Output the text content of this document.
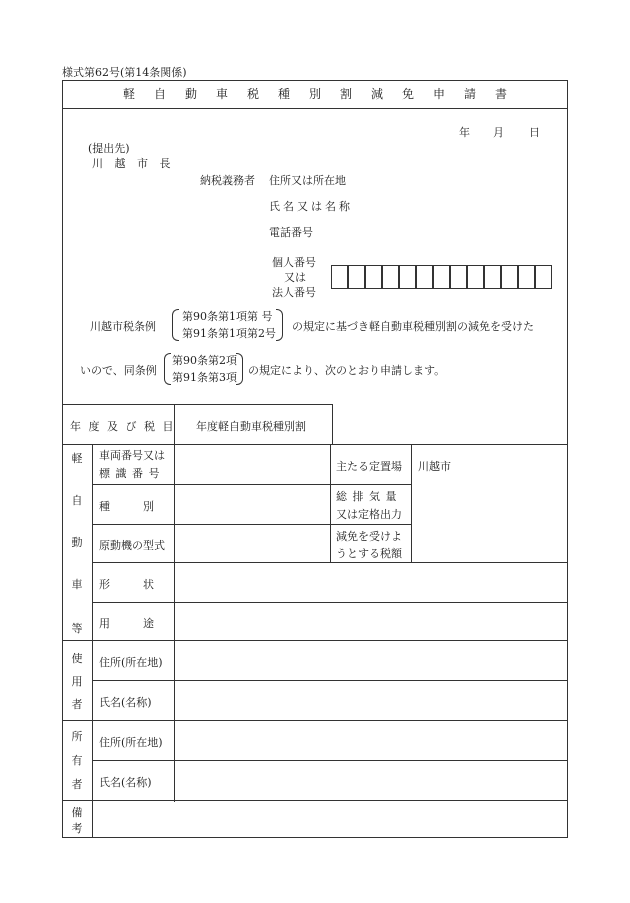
様式第62号(第14条関係)
軽自動車税種別割減免申請書
年 月 日
(提出先)
川 越 市 長
納税義務者 住所又は所在地
氏名又は名称
電話番号
個人番号
又は
法人番号
川越市税条例
第90条第1項第 号
第91条第1項第2号
の規定に基づき軽自動車税種別割の減免を受けた
いので、同条例
第90条第2項
第91条第3項
の規定により、次のとおり申請します。
年 度 及 び 税 目 年度軽自動車税種別割
軽
自
動
車
等
車両番号又は
標 識 番 号
主たる定置場 川越市
種　　　別
総 排 気 量
又は定格出力
原動機の型式
減免を受けよ
うとする税額
形　　　状
用　　　途
使
用
者
住所(所在地)
氏名(名称)
所
有
者
住所(所在地)
氏名(名称)
備
考
